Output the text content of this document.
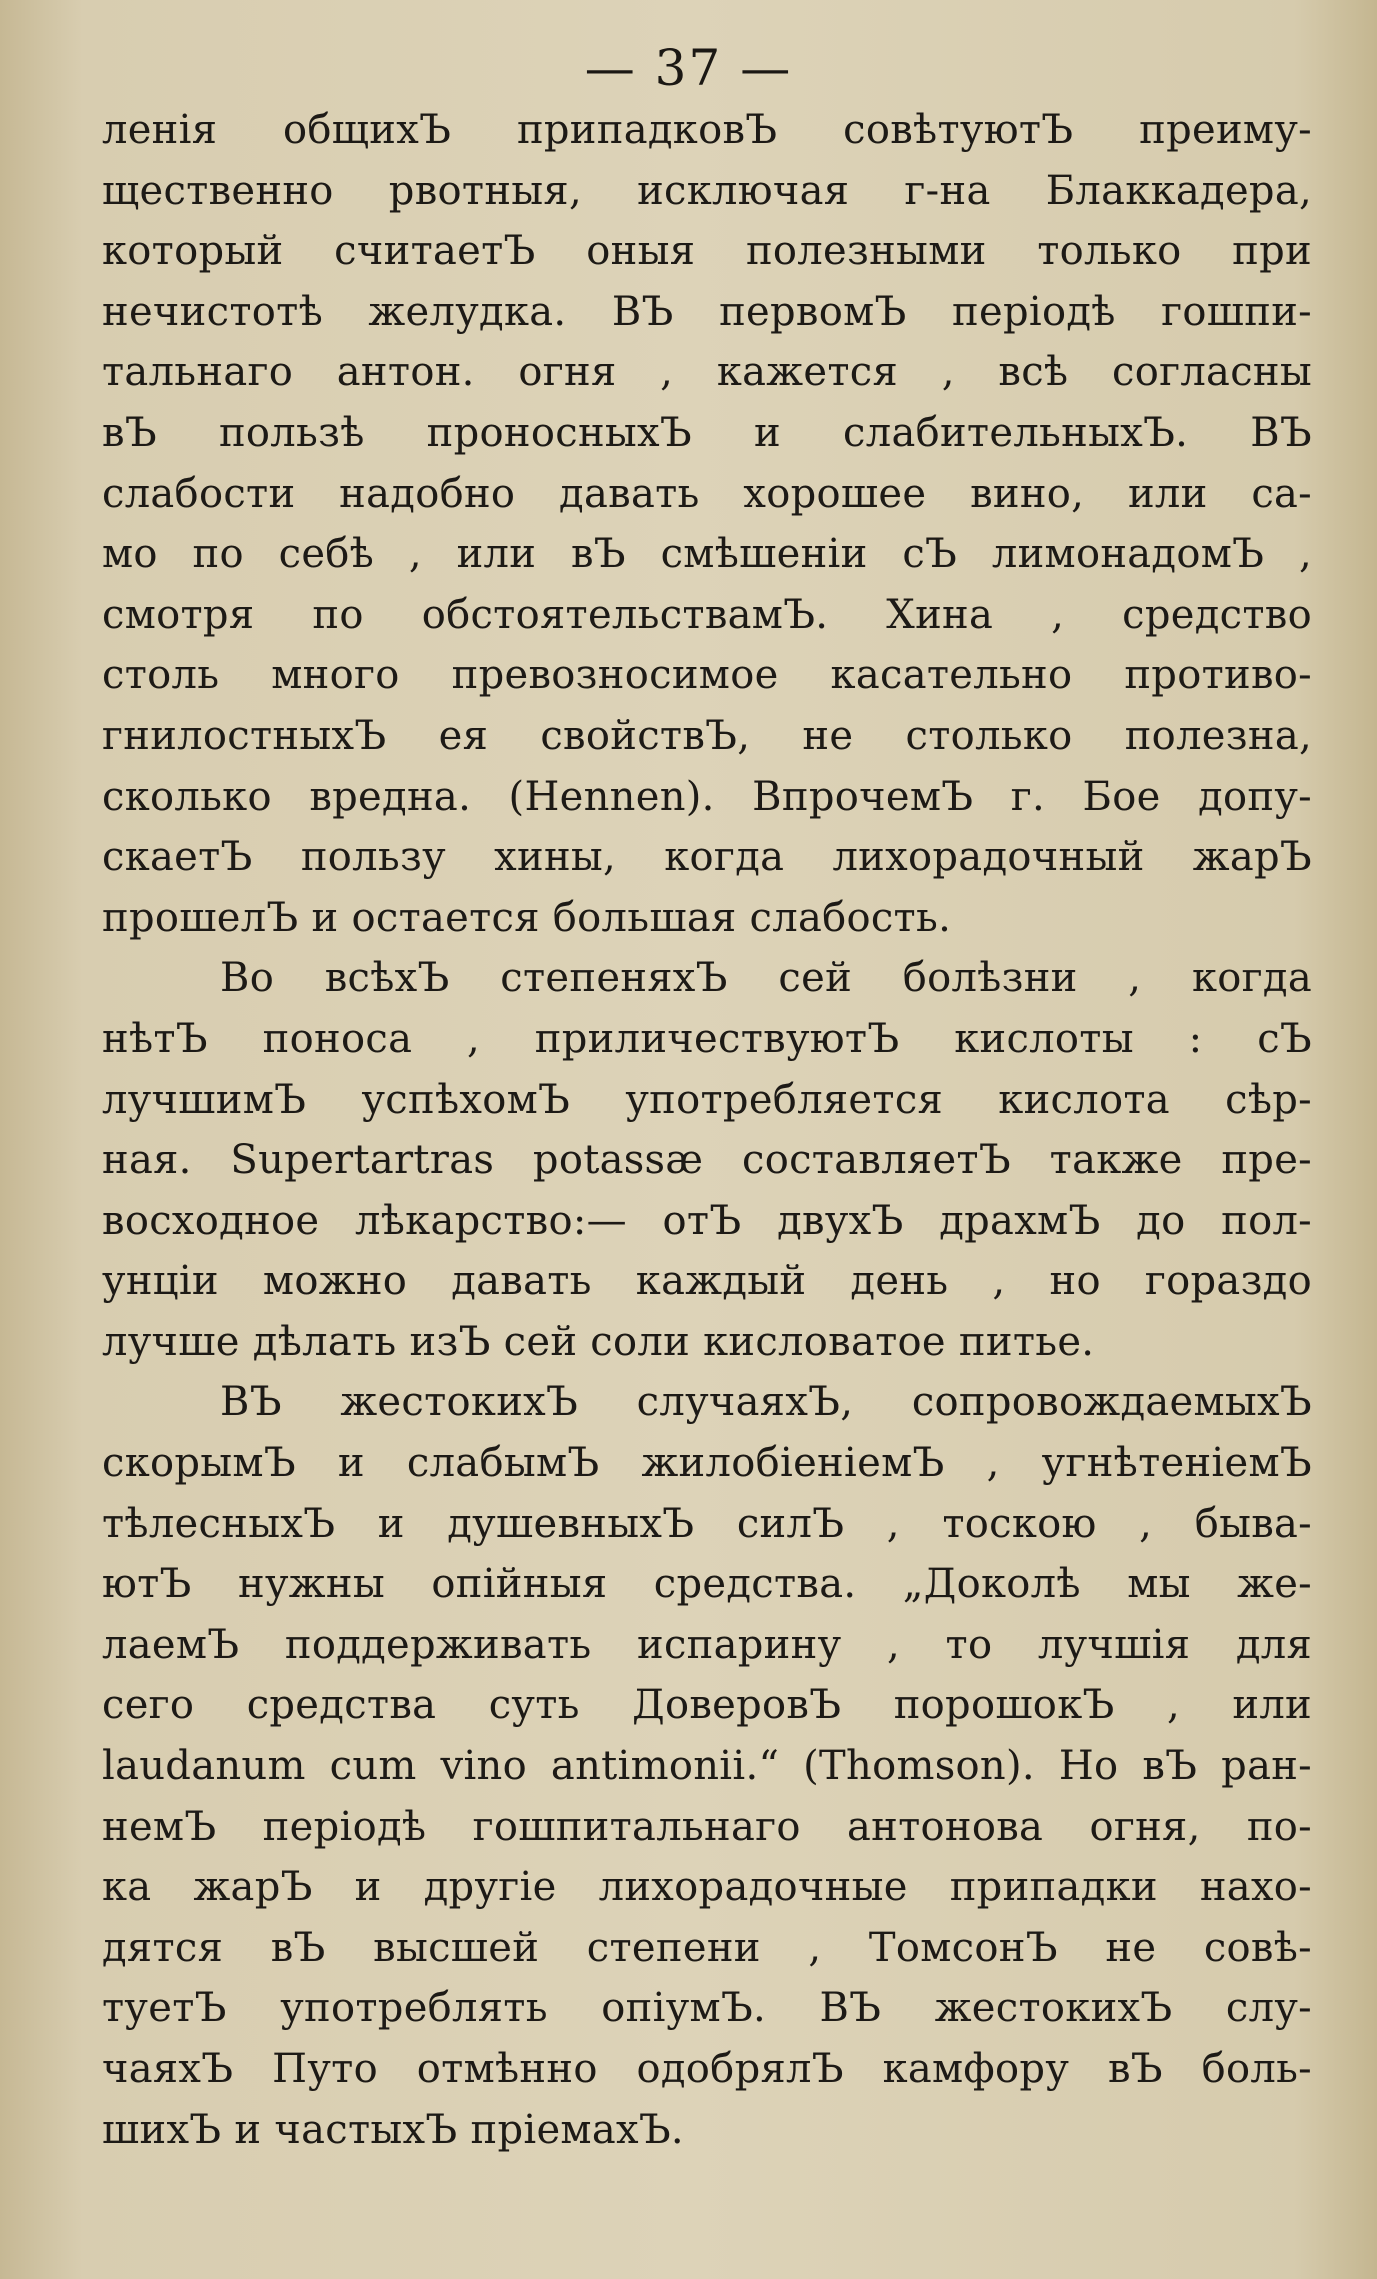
— 37 —
ленія общихЪ припадковЪ совѣтуютЪ преиму-
щественно рвотныя, исключая г-на Блаккадера,
который считаетЪ оныя полезными только при
нечистотѣ желудка. ВЪ первомЪ періодѣ гошпи-
тальнаго антон. огня , кажется , всѣ согласны
вЪ пользѣ проносныхЪ и слабительныхЪ. ВЪ
слабости надобно давать хорошее вино, или са-
мо по себѣ , или вЪ смѣшеніи сЪ лимонадомЪ ,
смотря по обстоятельствамЪ. Хина , средство
столь много превозносимое касательно противо-
гнилостныхЪ ея свойствЪ, не столько полезна,
сколько вредна. (Hennen). ВпрочемЪ г. Бое допу-
скаетЪ пользу хины, когда лихорадочный жарЪ
прошелЪ и остается большая слабость.
Во всѣхЪ степеняхЪ сей болѣзни , когда
нѣтЪ поноса , приличествуютЪ кислоты : сЪ
лучшимЪ успѣхомЪ употребляется кислота сѣр-
ная. Supertartras potassæ составляетЪ также пре-
восходное лѣкарство:— отЪ двухЪ драхмЪ до пол-
унціи можно давать каждый день , но гораздо
лучше дѣлать изЪ сей соли кисловатое питье.
ВЪ жестокихЪ случаяхЪ, сопровождаемыхЪ
скорымЪ и слабымЪ жилобіеніемЪ , угнѣтеніемЪ
тѣлесныхЪ и душевныхЪ силЪ , тоскою , быва-
ютЪ нужны опійныя средства. „Доколѣ мы же-
лаемЪ поддерживать испарину , то лучшія для
сего средства суть ДоверовЪ порошокЪ , или
laudanum cum vino antimonii.“ (Thomson). Но вЪ ран-
немЪ періодѣ гошпитальнаго антонова огня, по-
ка жарЪ и другіе лихорадочные припадки нахо-
дятся вЪ высшей степени , ТомсонЪ не совѣ-
туетЪ употреблять опіумЪ. ВЪ жестокихЪ слу-
чаяхЪ Путо отмѣнно одобрялЪ камфору вЪ боль-
шихЪ и частыхЪ пріемахЪ.
